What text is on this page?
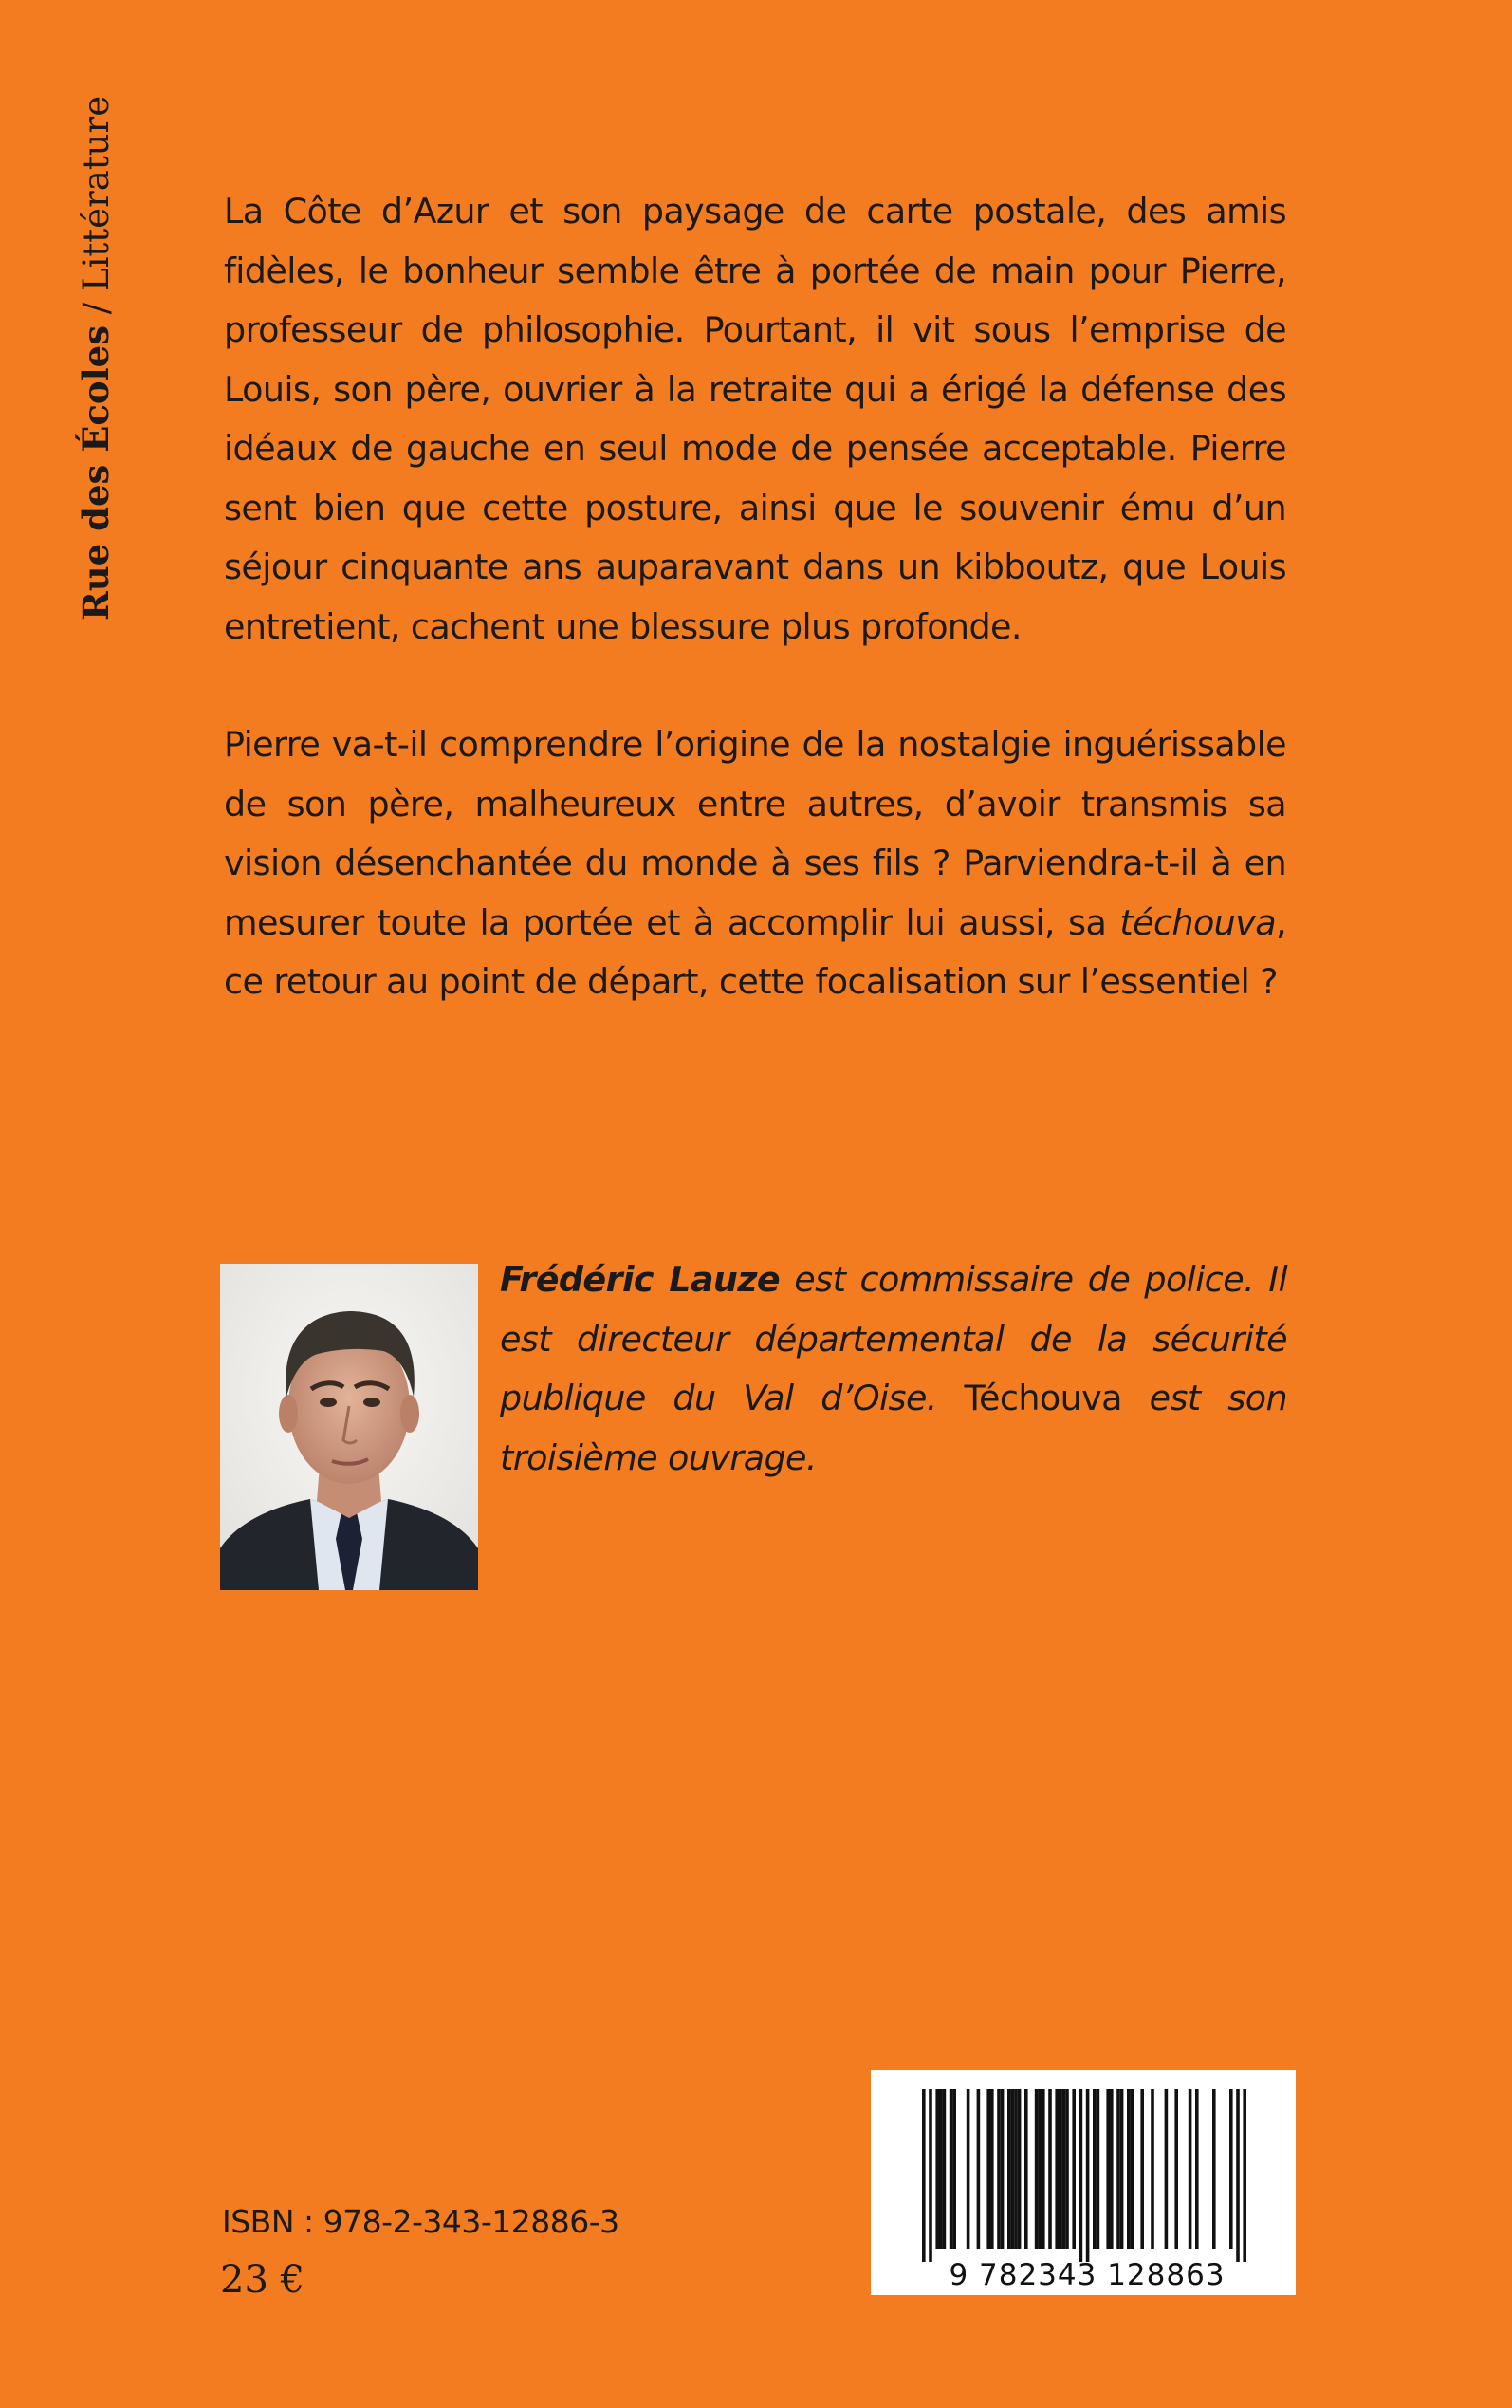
Rue des Écoles / Littérature	La Côte d’Azur et son paysage de carte postale, des amis fidèles, le bonheur semble être à portée de main pour Pierre, professeur de philosophie. Pourtant, il vit sous l’emprise de Louis, son père, ouvrier à la retraite qui a érigé la défense des idéaux de gauche en seul mode de pensée acceptable. Pierre sent bien que cette posture, ainsi que le souvenir ému d’un séjour cinquante ans auparavant dans un kibboutz, que Louis entretient, cachent une blessure plus profonde.

Pierre va-t-il comprendre l’origine de la nostalgie inguérissable de son père, malheureux entre autres, d’avoir transmis sa vision désenchantée du monde à ses fils ? Parviendra-t-il à en mesurer toute la portée et à accomplir lui aussi, sa téchouva, ce retour au point de départ, cette focalisation sur l’essentiel ?

Frédéric Lauze est commissaire de police. Il est directeur départemental de la sécurité publique du Val d’Oise. Téchouva est son troisième ouvrage.
ISBN : 978-2-343-12886-3
23 €	9 782343 128863
